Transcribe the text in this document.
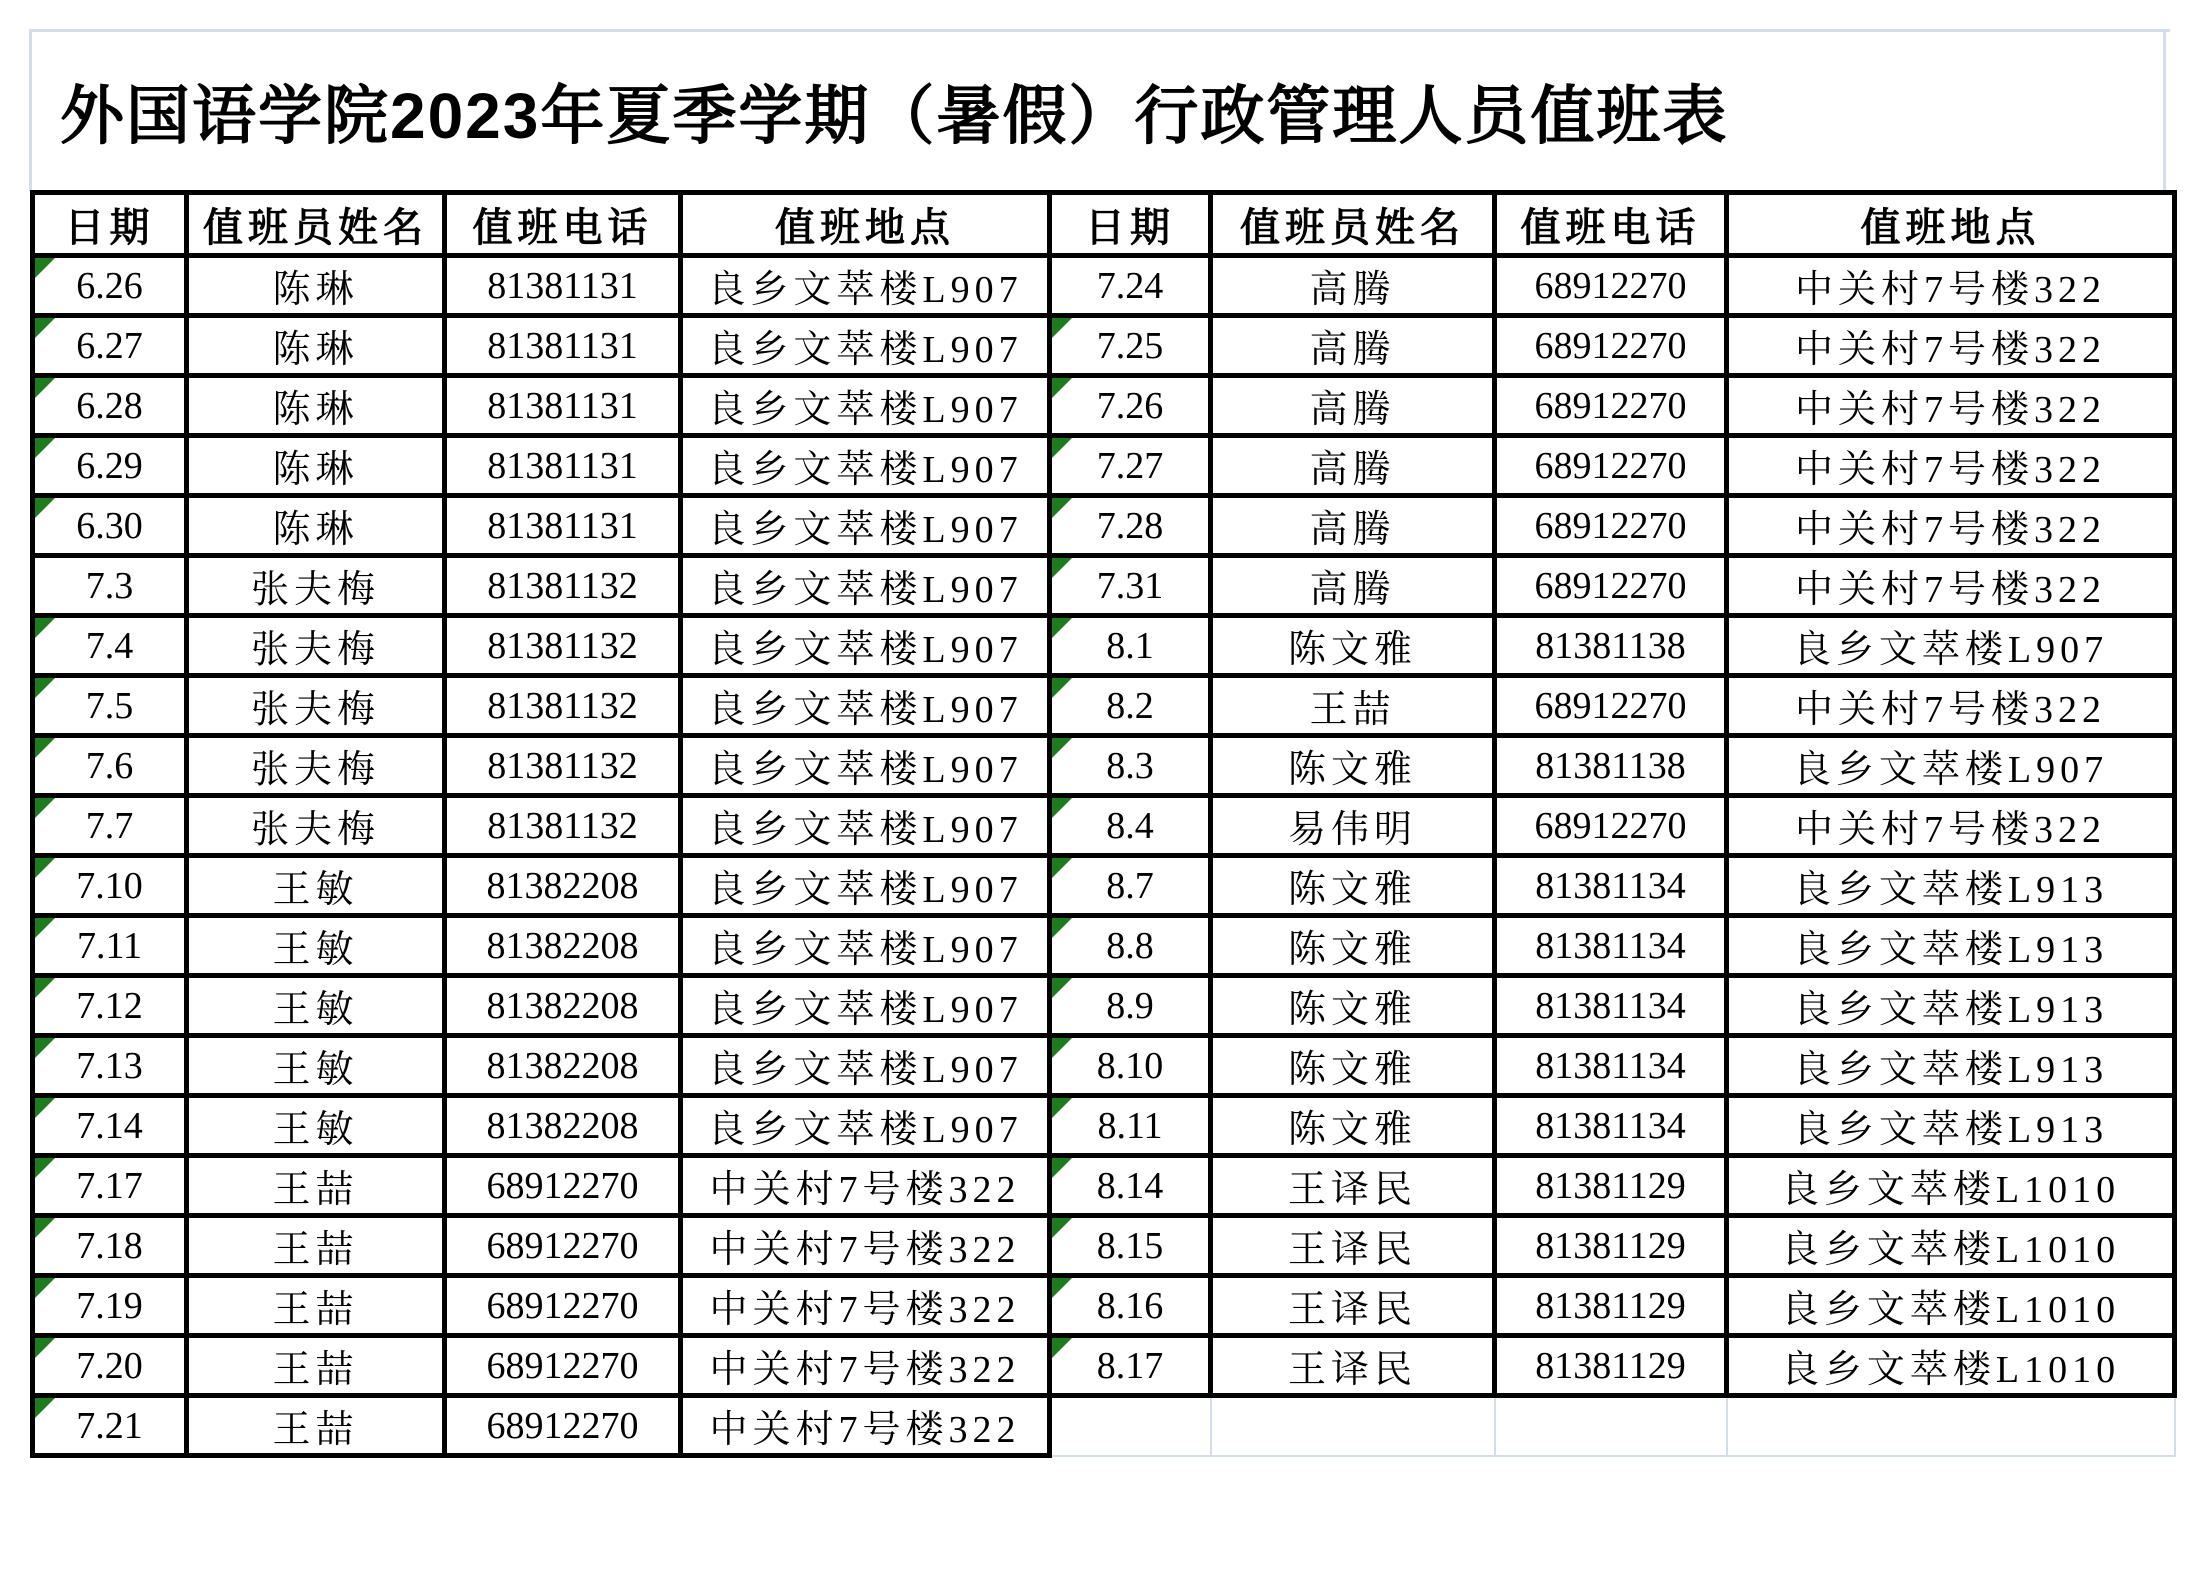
外国语学院2023年夏季学期（暑假）行政管理人员值班表
日期	值班员姓名	值班电话	值班地点	日期	值班员姓名	值班电话	值班地点

6.26	陈琳	81381131	良乡文萃楼L907	7.24	高腾	68912270	中关村7号楼322

6.27	陈琳	81381131	良乡文萃楼L907	7.25	高腾	68912270	中关村7号楼322

6.28	陈琳	81381131	良乡文萃楼L907	7.26	高腾	68912270	中关村7号楼322

6.29	陈琳	81381131	良乡文萃楼L907	7.27	高腾	68912270	中关村7号楼322

6.30	陈琳	81381131	良乡文萃楼L907	7.28	高腾	68912270	中关村7号楼322
7.3	张夫梅	81381132	良乡文萃楼L907	7.31	高腾	68912270	中关村7号楼322

7.4	张夫梅	81381132	良乡文萃楼L907	8.1	陈文雅	81381138	良乡文萃楼L907

7.5	张夫梅	81381132	良乡文萃楼L907	8.2	王喆	68912270	中关村7号楼322

7.6	张夫梅	81381132	良乡文萃楼L907	8.3	陈文雅	81381138	良乡文萃楼L907

7.7	张夫梅	81381132	良乡文萃楼L907	8.4	易伟明	68912270	中关村7号楼322

7.10	王敏	81382208	良乡文萃楼L907	8.7	陈文雅	81381134	良乡文萃楼L913

7.11	王敏	81382208	良乡文萃楼L907	8.8	陈文雅	81381134	良乡文萃楼L913

7.12	王敏	81382208	良乡文萃楼L907	8.9	陈文雅	81381134	良乡文萃楼L913

7.13	王敏	81382208	良乡文萃楼L907	8.10	陈文雅	81381134	良乡文萃楼L913

7.14	王敏	81382208	良乡文萃楼L907	8.11	陈文雅	81381134	良乡文萃楼L913

7.17	王喆	68912270	中关村7号楼322	8.14	王译民	81381129	良乡文萃楼L1010

7.18	王喆	68912270	中关村7号楼322	8.15	王译民	81381129	良乡文萃楼L1010

7.19	王喆	68912270	中关村7号楼322	8.16	王译民	81381129	良乡文萃楼L1010

7.20	王喆	68912270	中关村7号楼322	8.17	王译民	81381129	良乡文萃楼L1010

7.21	王喆	68912270	中关村7号楼322				
